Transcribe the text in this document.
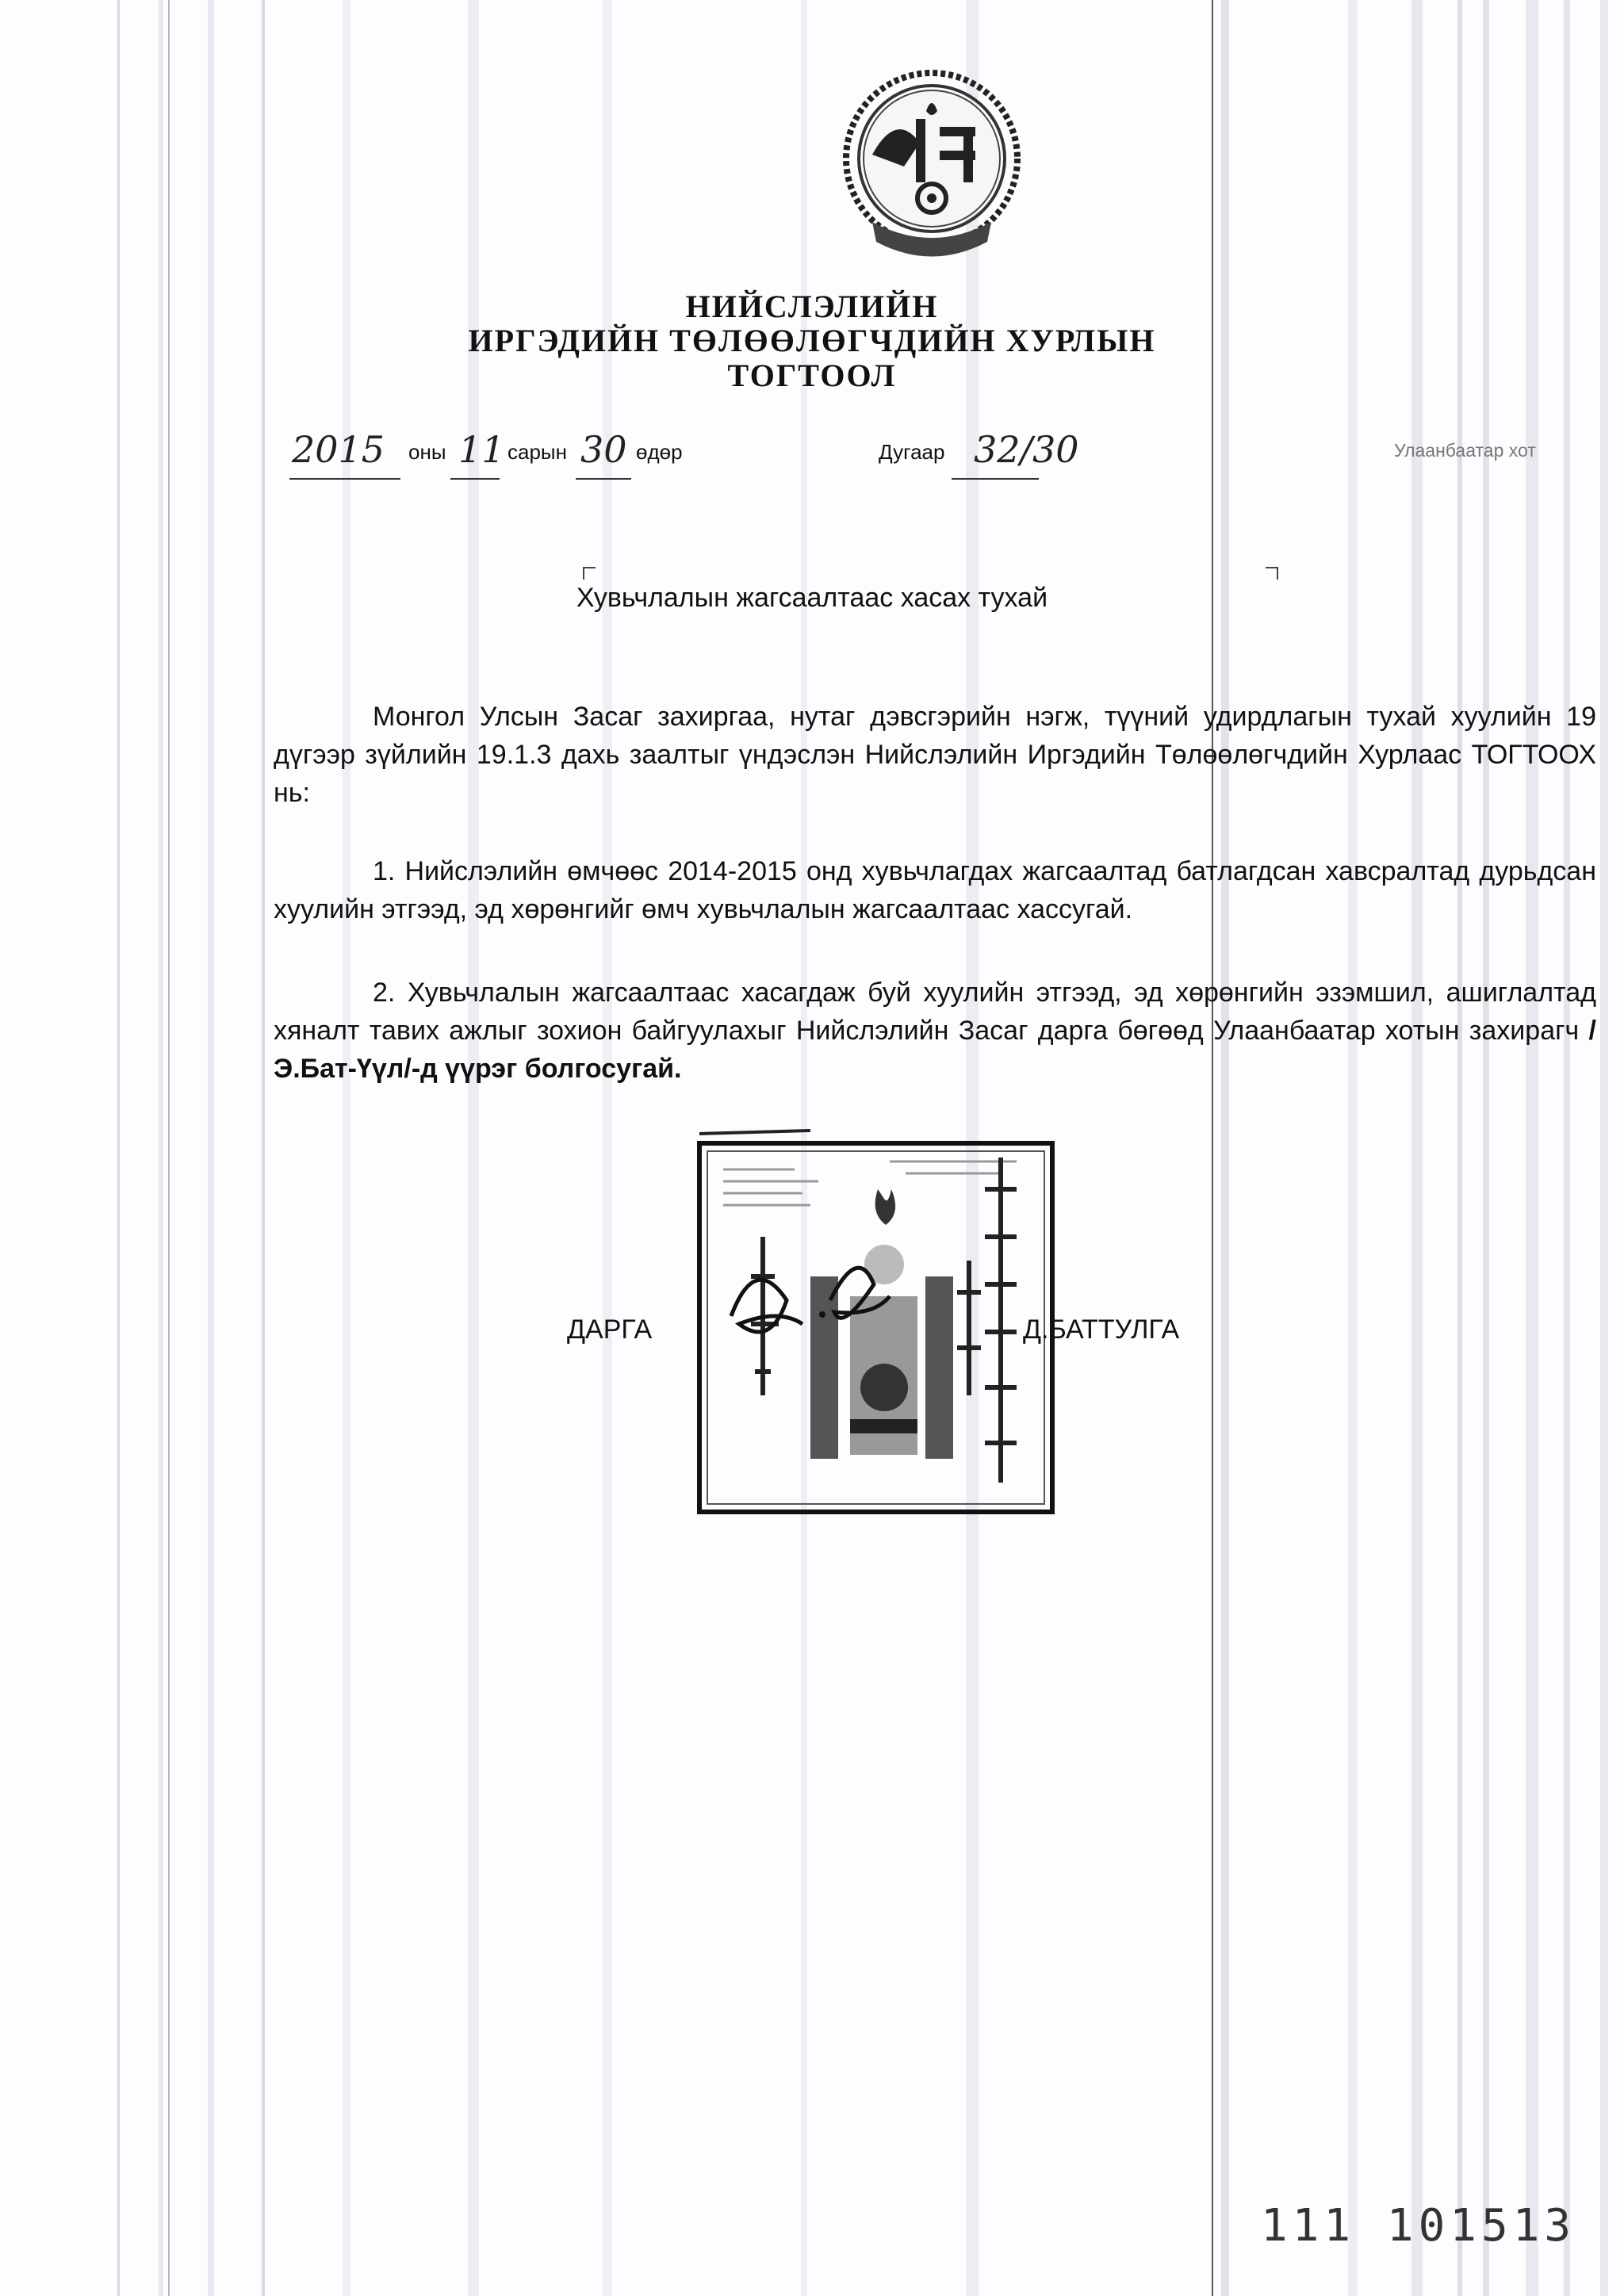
НИЙСЛЭЛИЙН
ИРГЭДИЙН ТӨЛӨӨЛӨГЧДИЙН ХУРЛЫН
ТОГТООЛ
2015 оны 11 сарын 30 өдөр	Дугаар 32/30	Улаанбаатар хот
Хувьчлалын жагсаалтаас хасах тухай
Монгол Улсын Засаг захиргаа, нутаг дэвсгэрийн нэгж, түүний удирдлагын тухай хуулийн 19 дүгээр зүйлийн 19.1.3 дахь заалтыг үндэслэн Нийслэлийн Иргэдийн Төлөөлөгчдийн Хурлаас ТОГТООХ нь:
1. Нийслэлийн өмчөөс 2014-2015 онд хувьчлагдах жагсаалтад батлагдсан хавсралтад дурьдсан хуулийн этгээд, эд хөрөнгийг өмч хувьчлалын жагсаалтаас хассугай.
2. Хувьчлалын жагсаалтаас хасагдаж буй хуулийн этгээд, эд хөрөнгийн эзэмшил, ашиглалтад хяналт тавих ажлыг зохион байгуулахыг Нийслэлийн Засаг дарга бөгөөд Улаанбаатар хотын захирагч /Э.Бат-Үүл/-д үүрэг болгосугай.
ДАРГА	Д.БАТТУЛГА
111 101513
